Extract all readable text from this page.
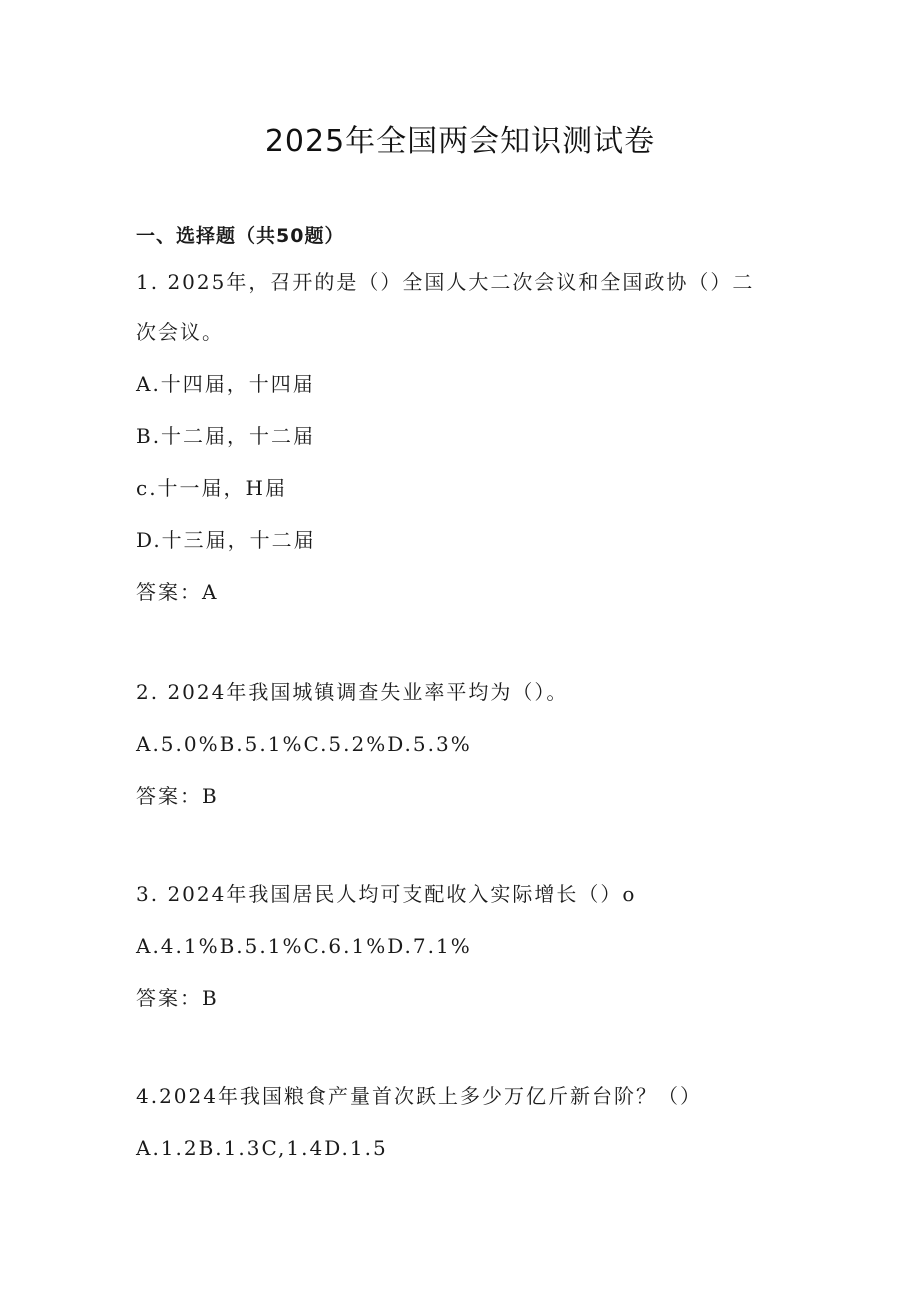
2025年全国两会知识测试卷
一、选择题（共50题）
1. 2025年，召开的是（）全国人大二次会议和全国政协（）二
次会议。
A.十四届，十四届
B.十二届，十二届
c.十一届，H届
D.十三届，十二届
答案：A
2. 2024年我国城镇调查失业率平均为（）。
A.5.0%B.5.1%C.5.2%D.5.3%
答案：B
3. 2024年我国居民人均可支配收入实际增长（）o
A.4.1%B.5.1%C.6.1%D.7.1%
答案：B
4.2024年我国粮食产量首次跃上多少万亿斤新台阶？（）
A.1.2B.1.3C,1.4D.1.5
